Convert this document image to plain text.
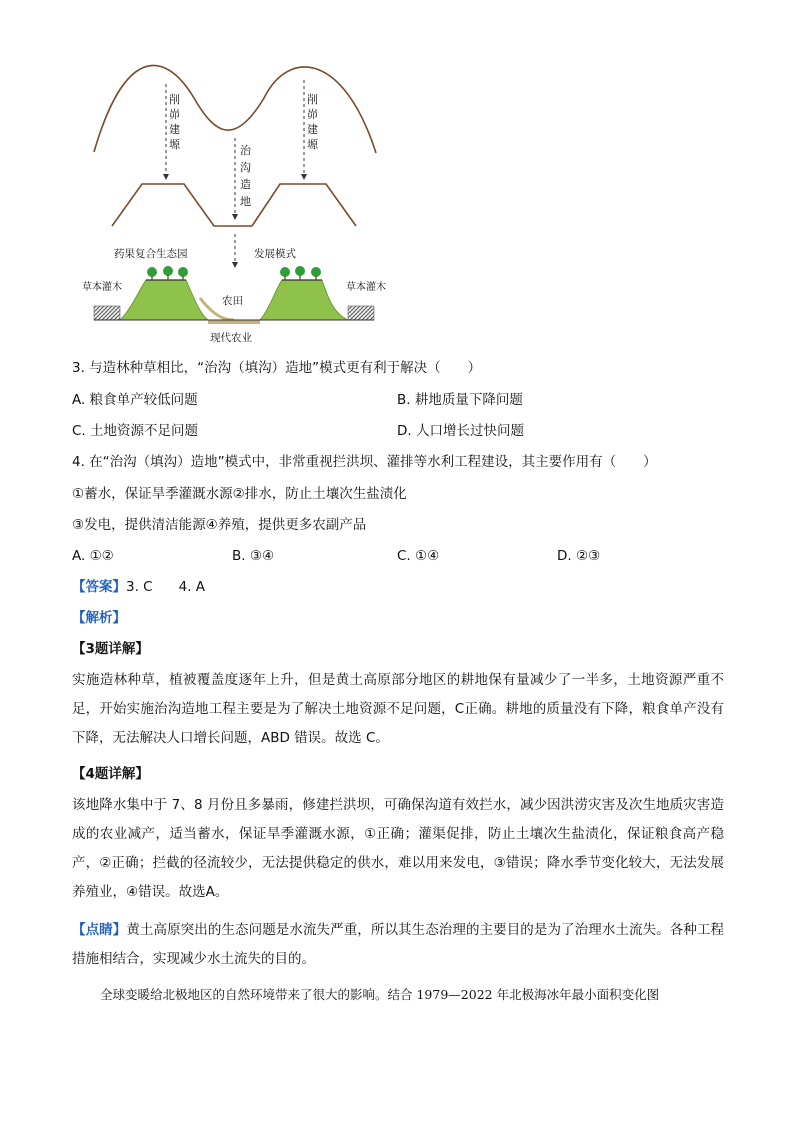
削峁建塬	治沟造地
削峁建塬
药果复合生态园	发展模式
草本灌木	草本灌木
农田
现代农业
3. 与造林种草相比，“治沟（填沟）造地”模式更有利于解决（　　）
A. 粮食单产较低问题	B. 耕地质量下降问题
C. 土地资源不足问题	D. 人口增长过快问题
4. 在“治沟（填沟）造地”模式中，非常重视拦洪坝、灌排等水利工程建设，其主要作用有（　　）
①蓄水，保证旱季灌溉水源②排水，防止土壤次生盐渍化
③发电，提供清洁能源④养殖，提供更多农副产品
A. ①②	B. ③④	C. ①④	D. ②③
【答案】3. C 4. A
【解析】
【3题详解】
实施造林种草，植被覆盖度逐年上升，但是黄土高原部分地区的耕地保有量减少了一半多，土地资源严重不足，开始实施治沟造地工程主要是为了解决土地资源不足问题，C正确。耕地的质量没有下降，粮食单产没有下降，无法解决人口增长问题，ABD 错误。故选 C。
【4题详解】
该地降水集中于 7、8 月份且多暴雨，修建拦洪坝，可确保沟道有效拦水，减少因洪涝灾害及次生地质灾害造成的农业减产，适当蓄水，保证旱季灌溉水源，①正确；灌渠促排，防止土壤次生盐渍化，保证粮食高产稳产，②正确；拦截的径流较少，无法提供稳定的供水，难以用来发电，③错误；降水季节变化较大，无法发展养殖业，④错误。故选A。
【点睛】黄土高原突出的生态问题是水流失严重，所以其生态治理的主要目的是为了治理水土流失。各种工程措施相结合，实现减少水土流失的目的。
全球变暖给北极地区的自然环境带来了很大的影响。结合 1979—2022 年北极海冰年最小面积变化图
